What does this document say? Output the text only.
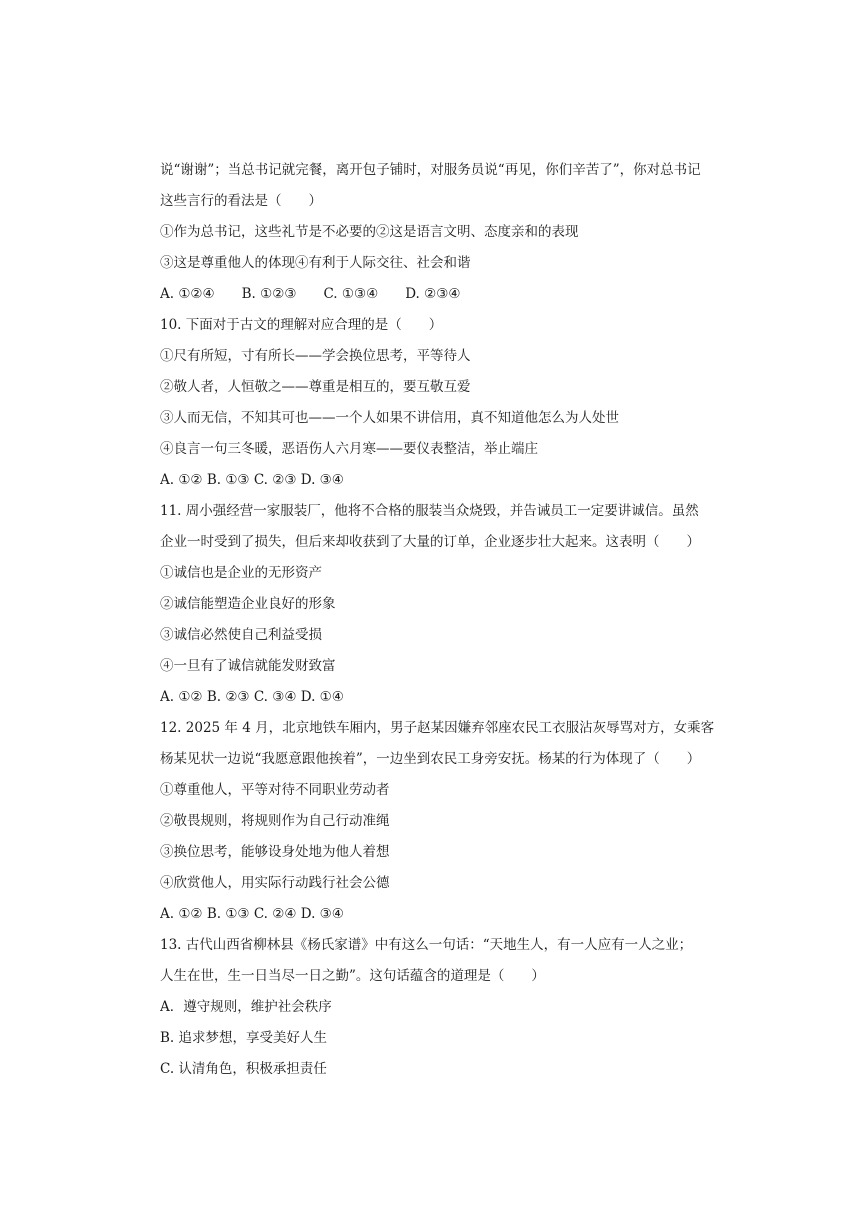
说“谢谢”；当总书记就完餐，离开包子铺时，对服务员说“再见，你们辛苦了”，你对总书记
这些言行的看法是（　　）
①作为总书记，这些礼节是不必要的②这是语言文明、态度亲和的表现
③这是尊重他人的体现④有利于人际交往、社会和谐
A. ①②④　　B. ①②③　　C. ①③④　　D. ②③④
10. 下面对于古文的理解对应合理的是（　　）
①尺有所短，寸有所长——学会换位思考，平等待人
②敬人者，人恒敬之——尊重是相互的，要互敬互爱
③人而无信，不知其可也——一个人如果不讲信用，真不知道他怎么为人处世
④良言一句三冬暖，恶语伤人六月寒——要仪表整洁，举止端庄
A. ①② B. ①③ C. ②③ D. ③④
11. 周小强经营一家服装厂，他将不合格的服装当众烧毁，并告诫员工一定要讲诚信。虽然
企业一时受到了损失，但后来却收获到了大量的订单，企业逐步壮大起来。这表明（　　）
①诚信也是企业的无形资产
②诚信能塑造企业良好的形象
③诚信必然使自己利益受损
④一旦有了诚信就能发财致富
A. ①② B. ②③ C. ③④ D. ①④
12. 2025 年 4 月，北京地铁车厢内，男子赵某因嫌弃邻座农民工衣服沾灰辱骂对方，女乘客
杨某见状一边说“我愿意跟他挨着”，一边坐到农民工身旁安抚。杨某的行为体现了（　　）
①尊重他人，平等对待不同职业劳动者
②敬畏规则，将规则作为自己行动准绳
③换位思考，能够设身处地为他人着想
④欣赏他人，用实际行动践行社会公德
A. ①② B. ①③ C. ②④ D. ③④
13. 古代山西省柳林县《杨氏家谱》中有这么一句话：“天地生人，有一人应有一人之业；
人生在世，生一日当尽一日之勤”。这句话蕴含的道理是（　　）
A．遵守规则，维护社会秩序
B. 追求梦想，享受美好人生
C. 认清角色，积极承担责任
